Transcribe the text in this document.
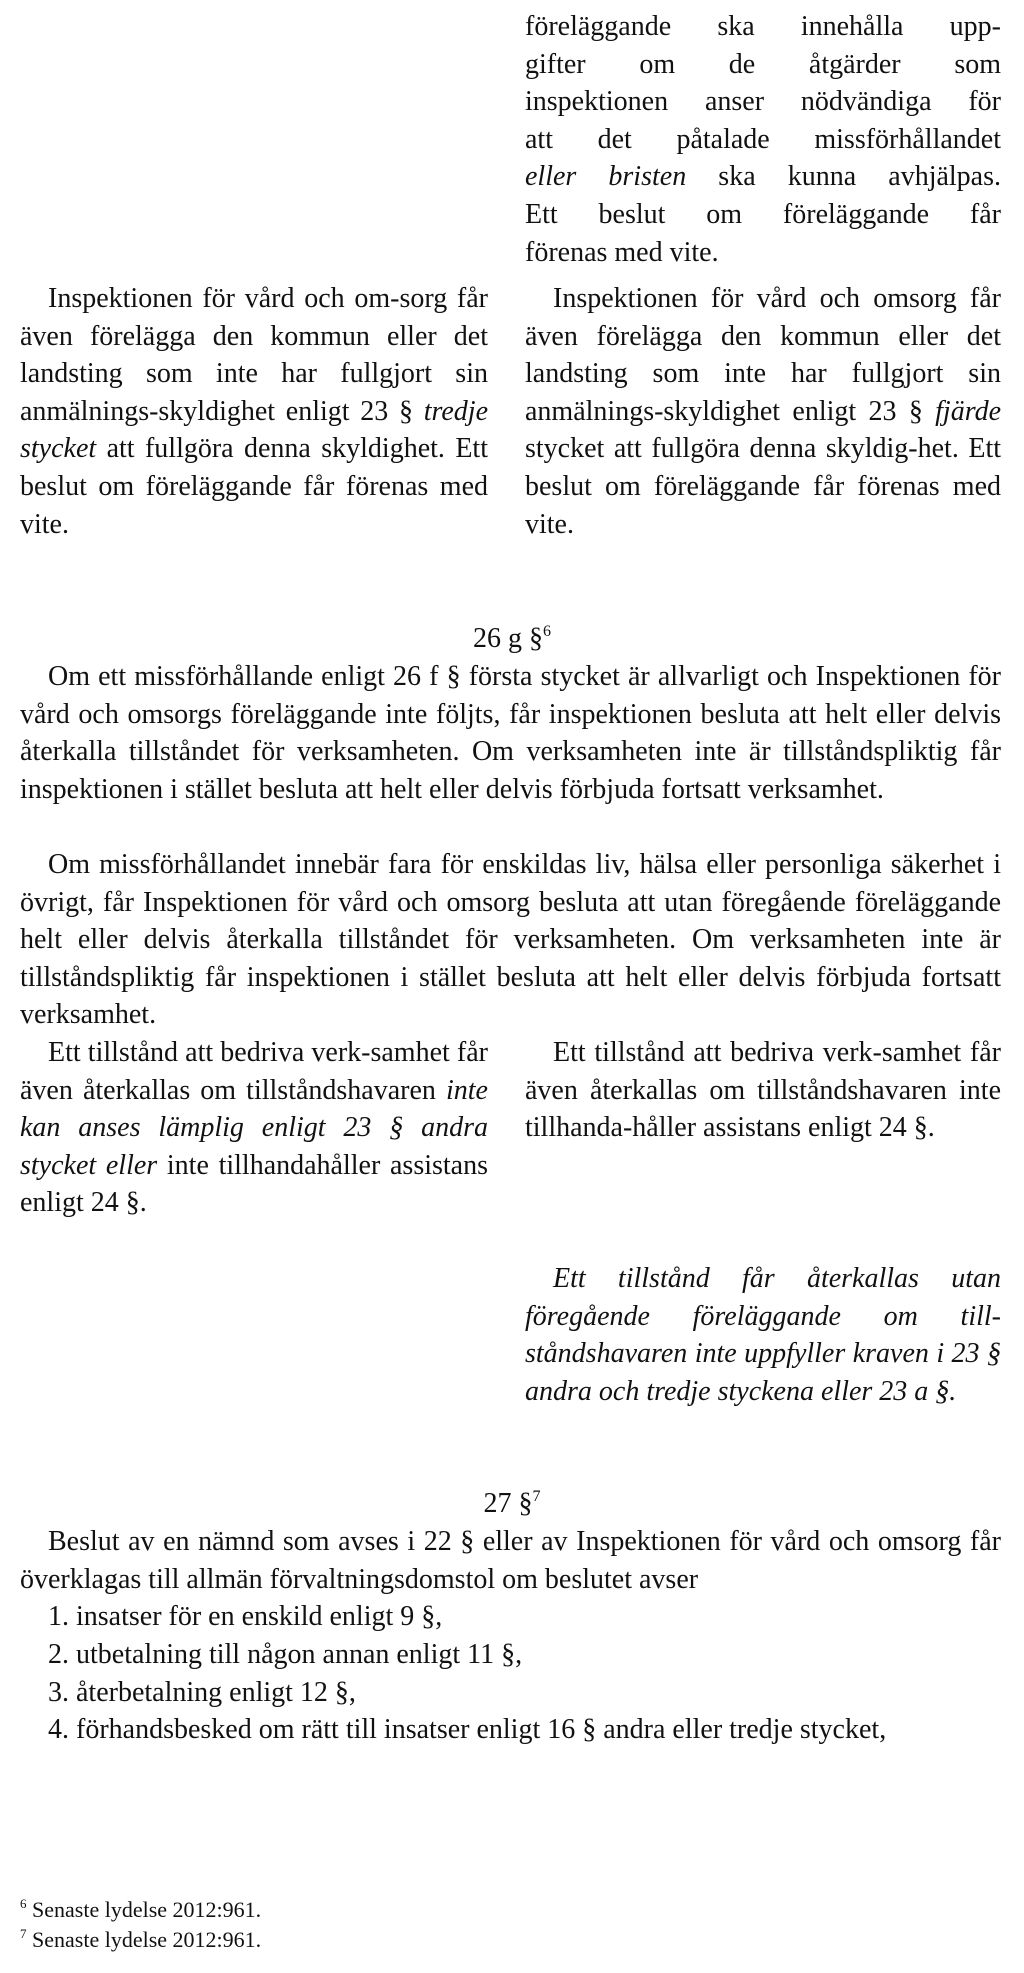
föreläggande ska innehålla upp-

gifter om de åtgärder som

inspektionen anser nödvändiga för

att det påtalade missförhållandet

eller bristen ska kunna avhjälpas.

Ett beslut om föreläggande får

förenas med vite.

Inspektionen för vård och om-sorg får även förelägga den kommun eller det landsting som inte har fullgjort sin anmälnings-skyldighet enligt 23 § tredje stycket att fullgöra denna skyldighet. Ett beslut om föreläggande får förenas med vite.
Inspektionen för vård och omsorg får även förelägga den kommun eller det landsting som inte har fullgjort sin anmälnings-skyldighet enligt 23 § fjärde stycket att fullgöra denna skyldig-het. Ett beslut om föreläggande får förenas med vite.
26 g §$^6$
Om ett missförhållande enligt 26 f § första stycket är allvarligt och Inspektionen för vård och omsorgs föreläggande inte följts, får inspektionen besluta att helt eller delvis återkalla tillståndet för verksamheten. Om verksamheten inte är tillståndspliktig får inspektionen i stället besluta att helt eller delvis förbjuda fortsatt verksamhet.
Om missförhållandet innebär fara för enskildas liv, hälsa eller personliga säkerhet i övrigt, får Inspektionen för vård och omsorg besluta att utan föregående föreläggande helt eller delvis återkalla tillståndet för verksamheten. Om verksamheten inte är tillståndspliktig får inspektionen i stället besluta att helt eller delvis förbjuda fortsatt verksamhet.
Ett tillstånd att bedriva verk-samhet får även återkallas om tillståndshavaren inte kan anses lämplig enligt 23 § andra stycket eller inte tillhandahåller assistans enligt 24 §.
Ett tillstånd att bedriva verk-samhet får även återkallas om tillståndshavaren inte tillhanda-håller assistans enligt 24 §.
Ett tillstånd får återkallas utan föregående föreläggande om till-ståndshavaren inte uppfyller kraven i 23 § andra och tredje styckena eller 23 a §.
27 §$^7$
Beslut av en nämnd som avses i 22 § eller av Inspektionen för vård och omsorg får överklagas till allmän förvaltningsdomstol om beslutet avser
1. insatser för en enskild enligt 9 §,
2. utbetalning till någon annan enligt 11 §,
3. återbetalning enligt 12 §,
4. förhandsbesked om rätt till insatser enligt 16 § andra eller tredje stycket,
$^6$ Senaste lydelse 2012:961.
$^7$ Senaste lydelse 2012:961.
